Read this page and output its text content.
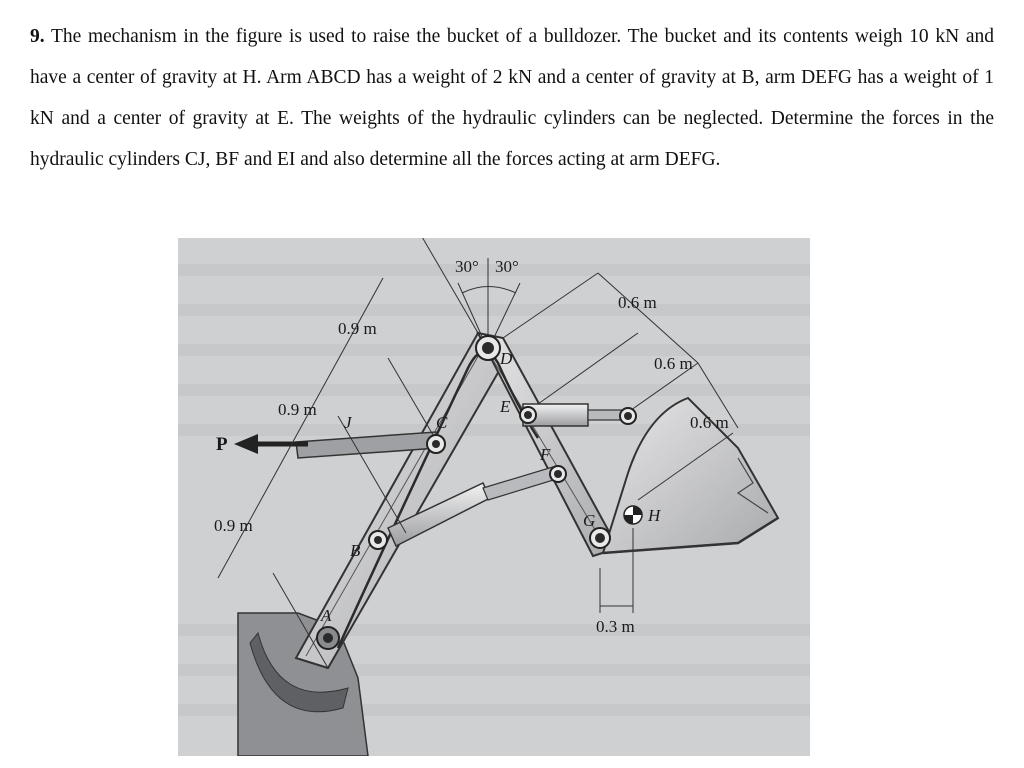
9. The mechanism in the figure is used to raise the bucket of a bulldozer. The bucket and its contents weigh 10 kN and have a center of gravity at H. Arm ABCD has a weight of 2 kN and a center of gravity at B, arm DEFG has a weight of 1 kN and a center of gravity at E. The weights of the hydraulic cylinders can be neglected. Determine the forces in the hydraulic cylinders CJ, BF and EI and also determine all the forces acting at arm DEFG.

30° 30°
0.6 m
0.6 m
0.6 m
0.9 m
0.9 m
0.9 m
0.3 m
A
B
C
D
E
F
G	H
J
P
